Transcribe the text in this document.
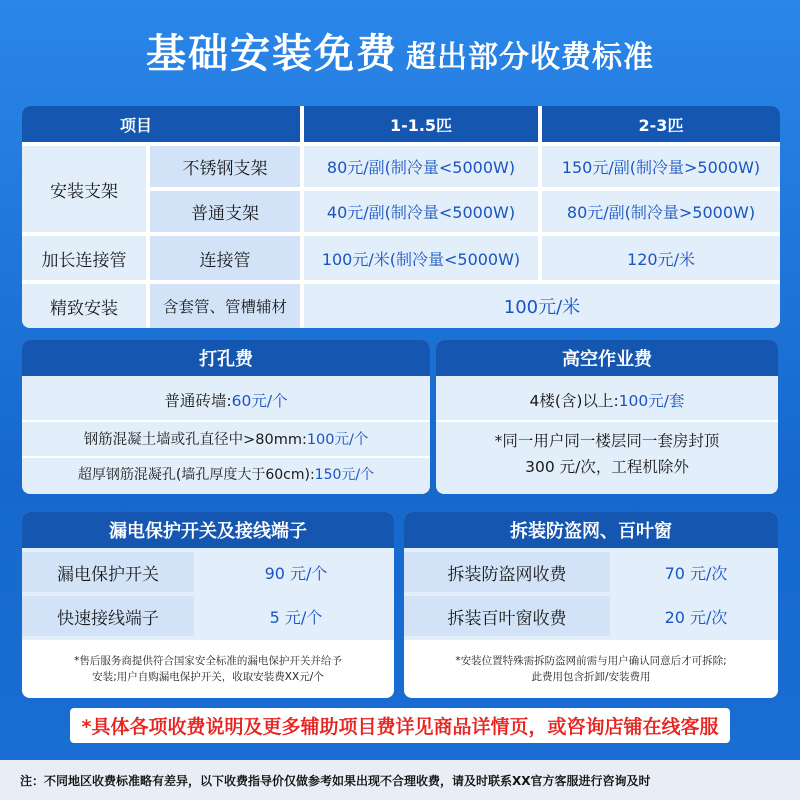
基础安装免费 超出部分收费标准
项目	1-1.5匹	2-3匹
安装支架
不锈钢支架	80元/副(制冷量<5000W)	150元/副(制冷量>5000W)
普通支架	40元/副(制冷量<5000W)	80元/副(制冷量>5000W)
加长连接管	连接管	100元/米(制冷量<5000W)	120元/米
精致安装	含套管、管槽辅材	100元/米
打孔费
普通砖墙: 60元/个
钢筋混凝土墙或孔直径中>80mm: 100元/个
超厚钢筋混凝孔(墙孔厚度大于60cm): 150元/个
高空作业费
4楼(含)以上: 100元/套
*同一用户同一楼层同一套房封顶
300 元/次，工程机除外
漏电保护开关及接线端子
漏电保护开关	90 元/个
快速接线端子	5 元/个
*售后服务商提供符合国家安全标准的漏电保护开关并给予
安装;用户自购漏电保护开关，收取安装费XX元/个
拆装防盗网、百叶窗
拆装防盗网收费	70 元/次
拆装百叶窗收费	20 元/次
*安装位置特殊需拆防盗网前需与用户确认同意后才可拆除;
此费用包含折卸/安装费用
*具体各项收费说明及更多辅助项目费详见商品详情页，或咨询店铺在线客服
注：不同地区收费标准略有差异，以下收费指导价仅做参考如果出现不合理收费，请及时联系XX官方客服进行咨询及时
